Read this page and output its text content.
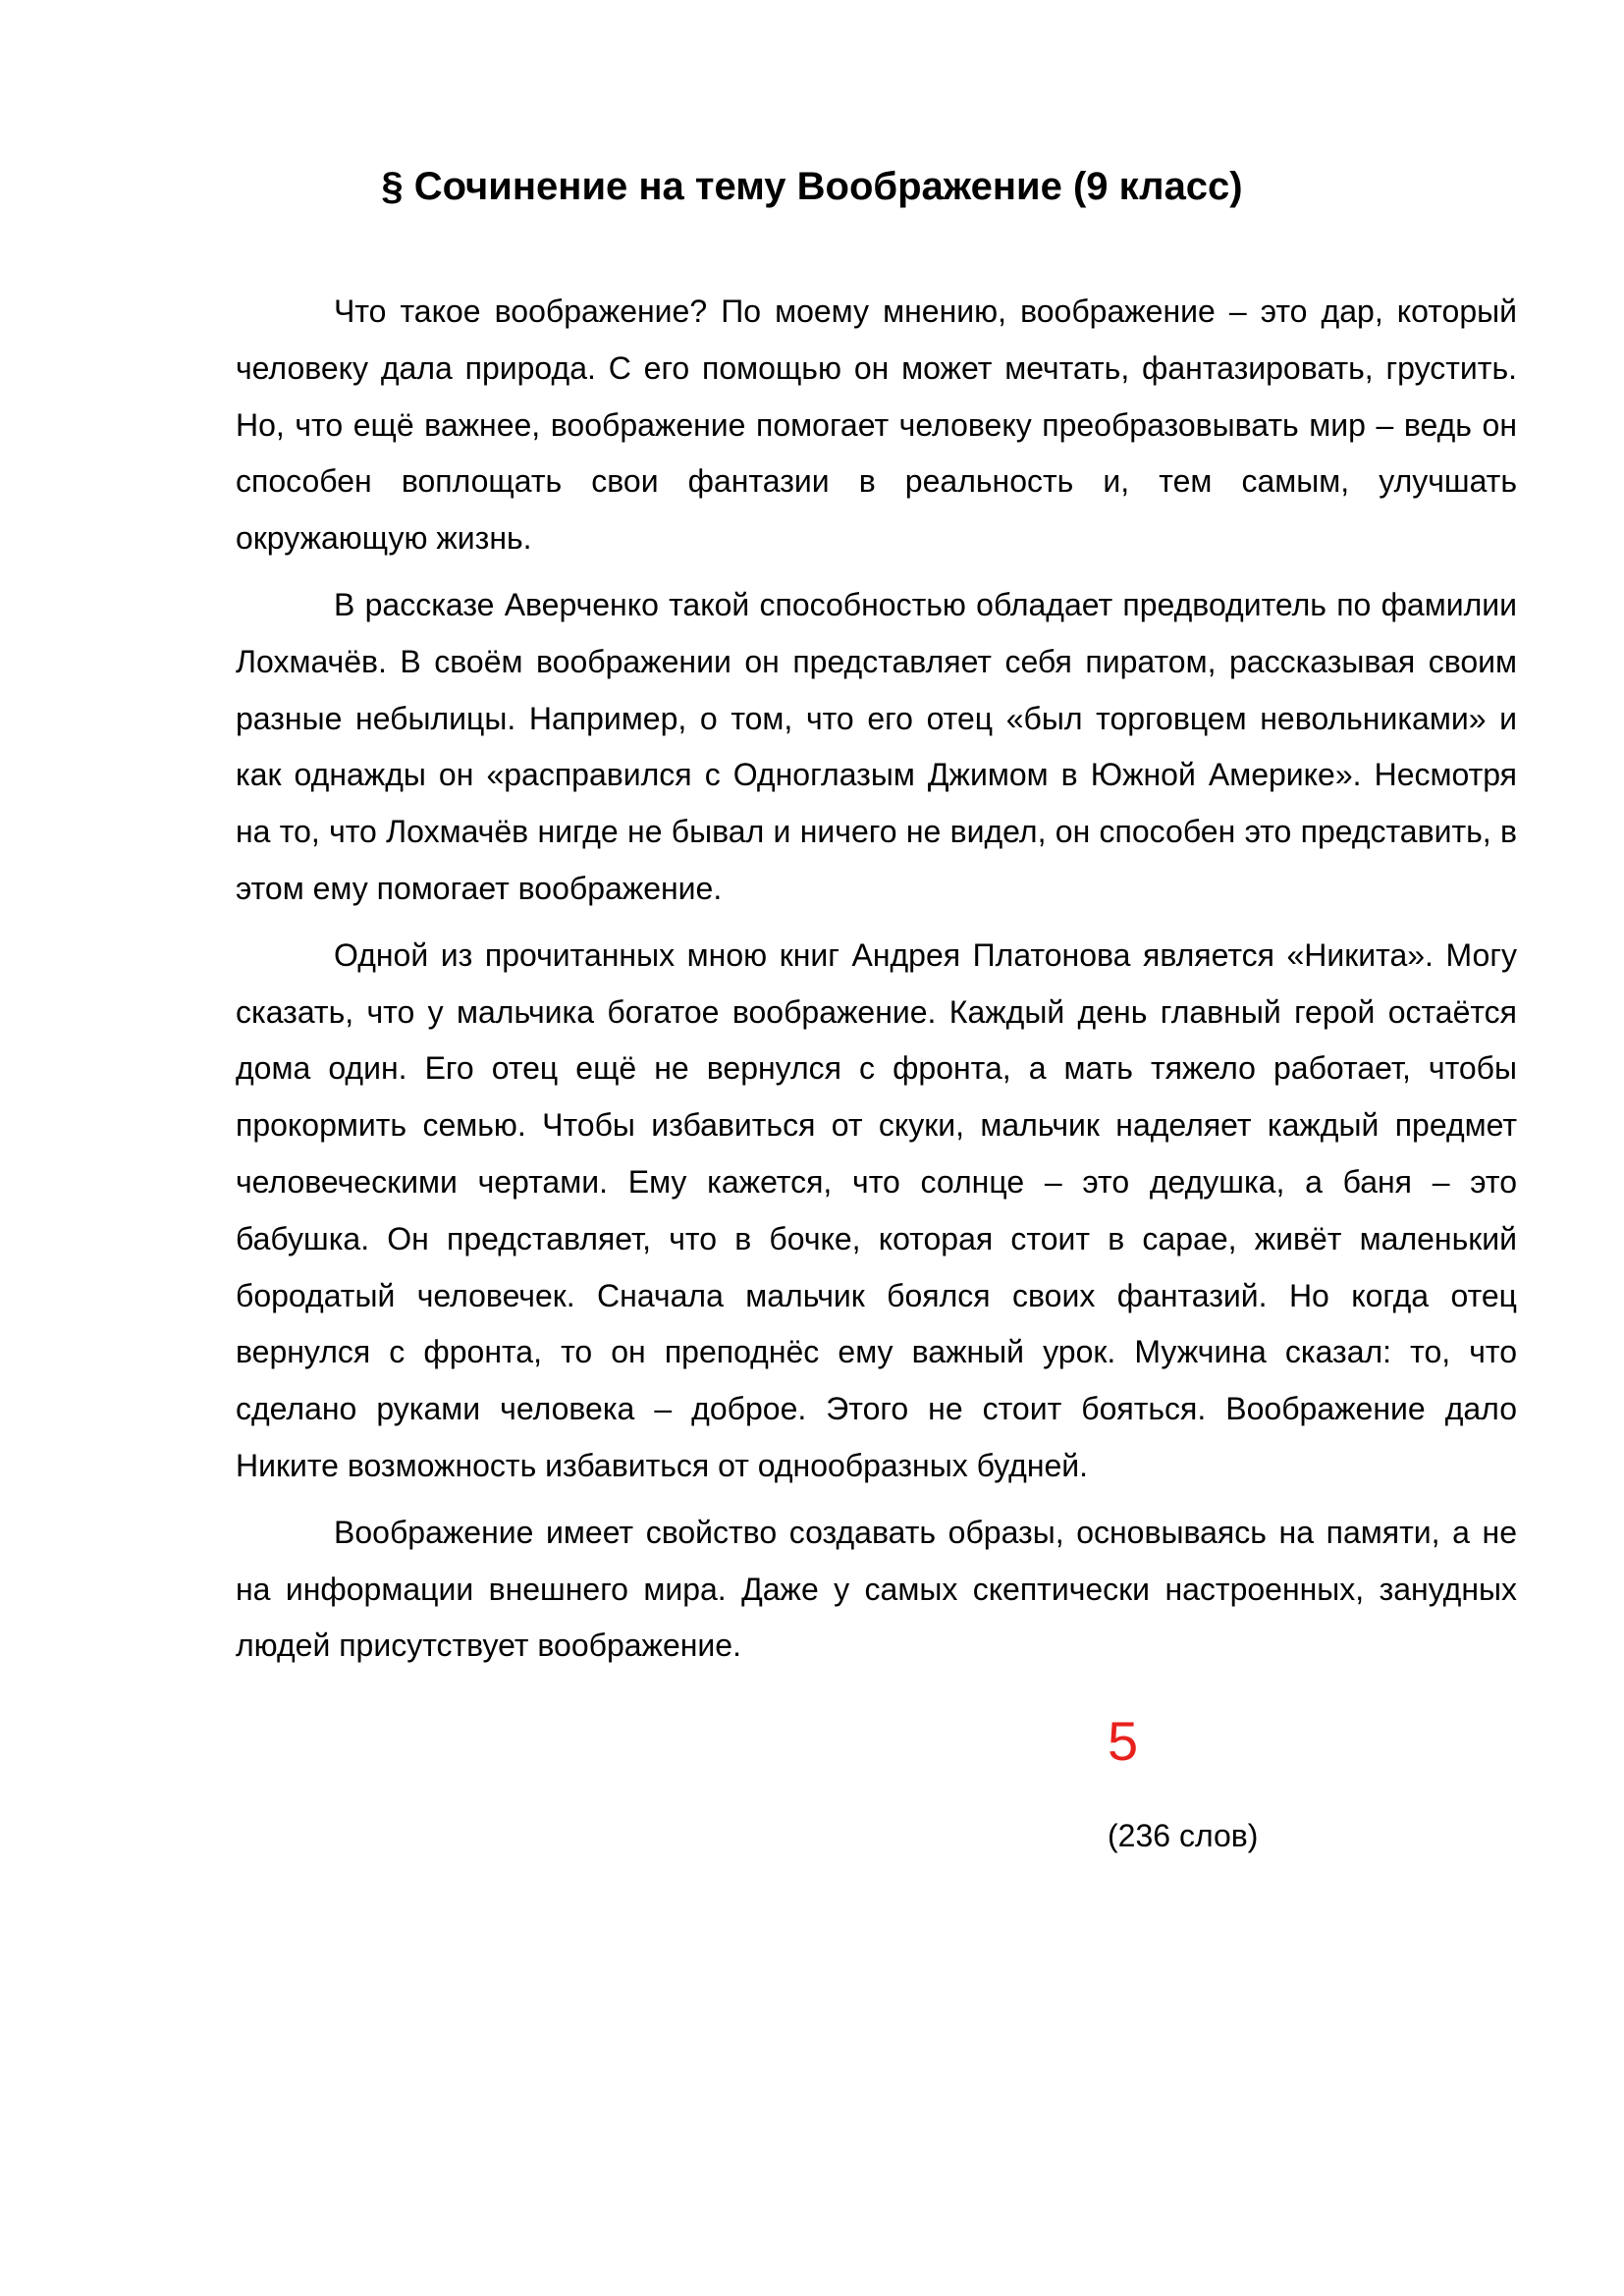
§ Сочинение на тему Воображение (9 класс)

Что такое воображение? По моему мнению, воображение – это дар, который человеку дала природа. С его помощью он может мечтать, фантазировать, грустить. Но, что ещё важнее, воображение помогает человеку преобразовывать мир – ведь он способен воплощать свои фантазии в реальность и, тем самым, улучшать окружающую жизнь.

В рассказе Аверченко такой способностью обладает предводитель по фамилии Лохмачёв. В своём воображении он представляет себя пиратом, рассказывая своим разные небылицы. Например, о том, что его отец «был торговцем невольниками» и как однажды он «расправился с Одноглазым Джимом в Южной Америке». Несмотря на то, что Лохмачёв нигде не бывал и ничего не видел, он способен это представить, в этом ему помогает воображение.

Одной из прочитанных мною книг Андрея Платонова является «Никита». Могу сказать, что у мальчика богатое воображение. Каждый день главный герой остаётся дома один. Его отец ещё не вернулся с фронта, а мать тяжело работает, чтобы прокормить семью. Чтобы избавиться от скуки, мальчик наделяет каждый предмет человеческими чертами. Ему кажется, что солнце – это дедушка, а баня – это бабушка. Он представляет, что в бочке, которая стоит в сарае, живёт маленький бородатый человечек. Сначала мальчик боялся своих фантазий. Но когда отец вернулся с фронта, то он преподнёс ему важный урок. Мужчина сказал: то, что сделано руками человека – доброе. Этого не стоит бояться. Воображение дало Никите возможность избавиться от однообразных будней.

Воображение имеет свойство создавать образы, основываясь на памяти, а не на информации внешнего мира. Даже у самых скептически настроенных, занудных людей присутствует воображение.

5
(236 слов)
